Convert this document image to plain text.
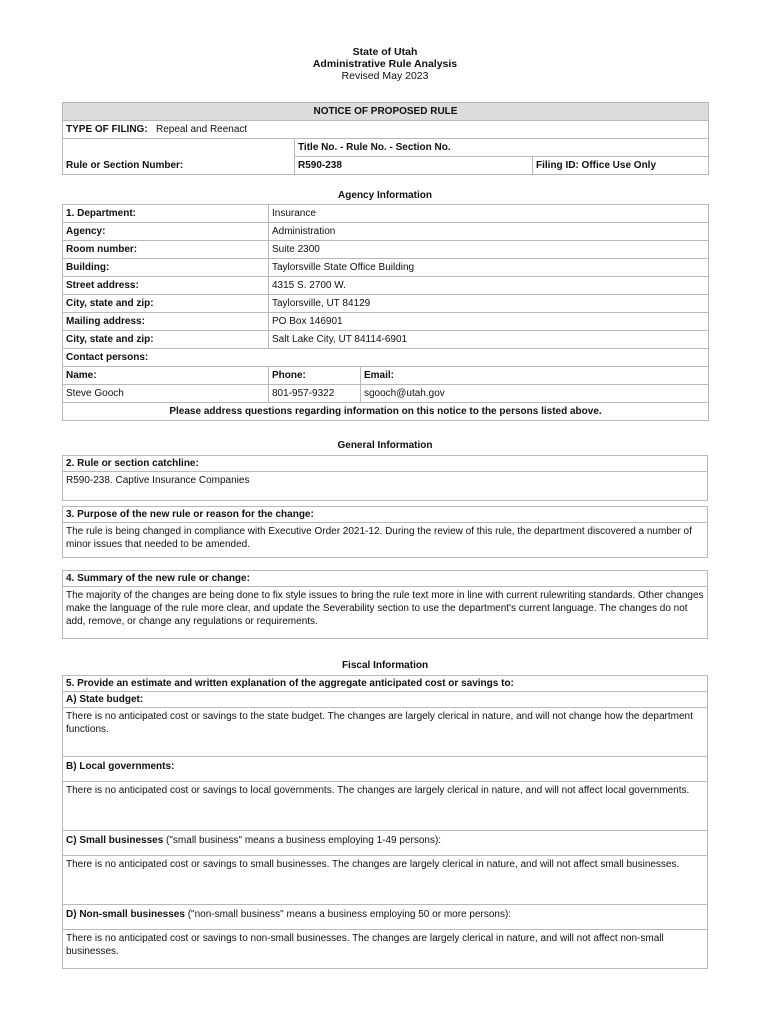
State of Utah
Administrative Rule Analysis
Revised May 2023
NOTICE OF PROPOSED RULE		
TYPE OF FILING: Repeal and Reenact		
	Title No. - Rule No. - Section No.	
Rule or Section Number:	R590-238	Filing ID: Office Use Only
Agency Information
1. Department:	Insurance	
Agency:	Administration	
Room number:	Suite 2300	
Building:	Taylorsville State Office Building	
Street address:	4315 S. 2700 W.	
City, state and zip:	Taylorsville, UT 84129	
Mailing address:	PO Box 146901	
City, state and zip:	Salt Lake City, UT 84114-6901	
Contact persons:		
Name:	Phone:	Email:
Steve Gooch	801-957-9322	sgooch@utah.gov
Please address questions regarding information on this notice to the persons listed above.		
General Information
2. Rule or section catchline:
R590-238. Captive Insurance Companies
3. Purpose of the new rule or reason for the change:
The rule is being changed in compliance with Executive Order 2021-12. During the review of this rule, the department discovered a number of minor issues that needed to be amended.
4. Summary of the new rule or change:
The majority of the changes are being done to fix style issues to bring the rule text more in line with current rulewriting standards. Other changes make the language of the rule more clear, and update the Severability section to use the department's current language. The changes do not add, remove, or change any regulations or requirements.
Fiscal Information
5. Provide an estimate and written explanation of the aggregate anticipated cost or savings to:
A) State budget:
There is no anticipated cost or savings to the state budget. The changes are largely clerical in nature, and will not change how the department functions.
B) Local governments:
There is no anticipated cost or savings to local governments. The changes are largely clerical in nature, and will not affect local governments.
C) Small businesses ("small business" means a business employing 1-49 persons):
There is no anticipated cost or savings to small businesses. The changes are largely clerical in nature, and will not affect small businesses.
D) Non-small businesses ("non-small business" means a business employing 50 or more persons):
There is no anticipated cost or savings to non-small businesses. The changes are largely clerical in nature, and will not affect non-small businesses.
